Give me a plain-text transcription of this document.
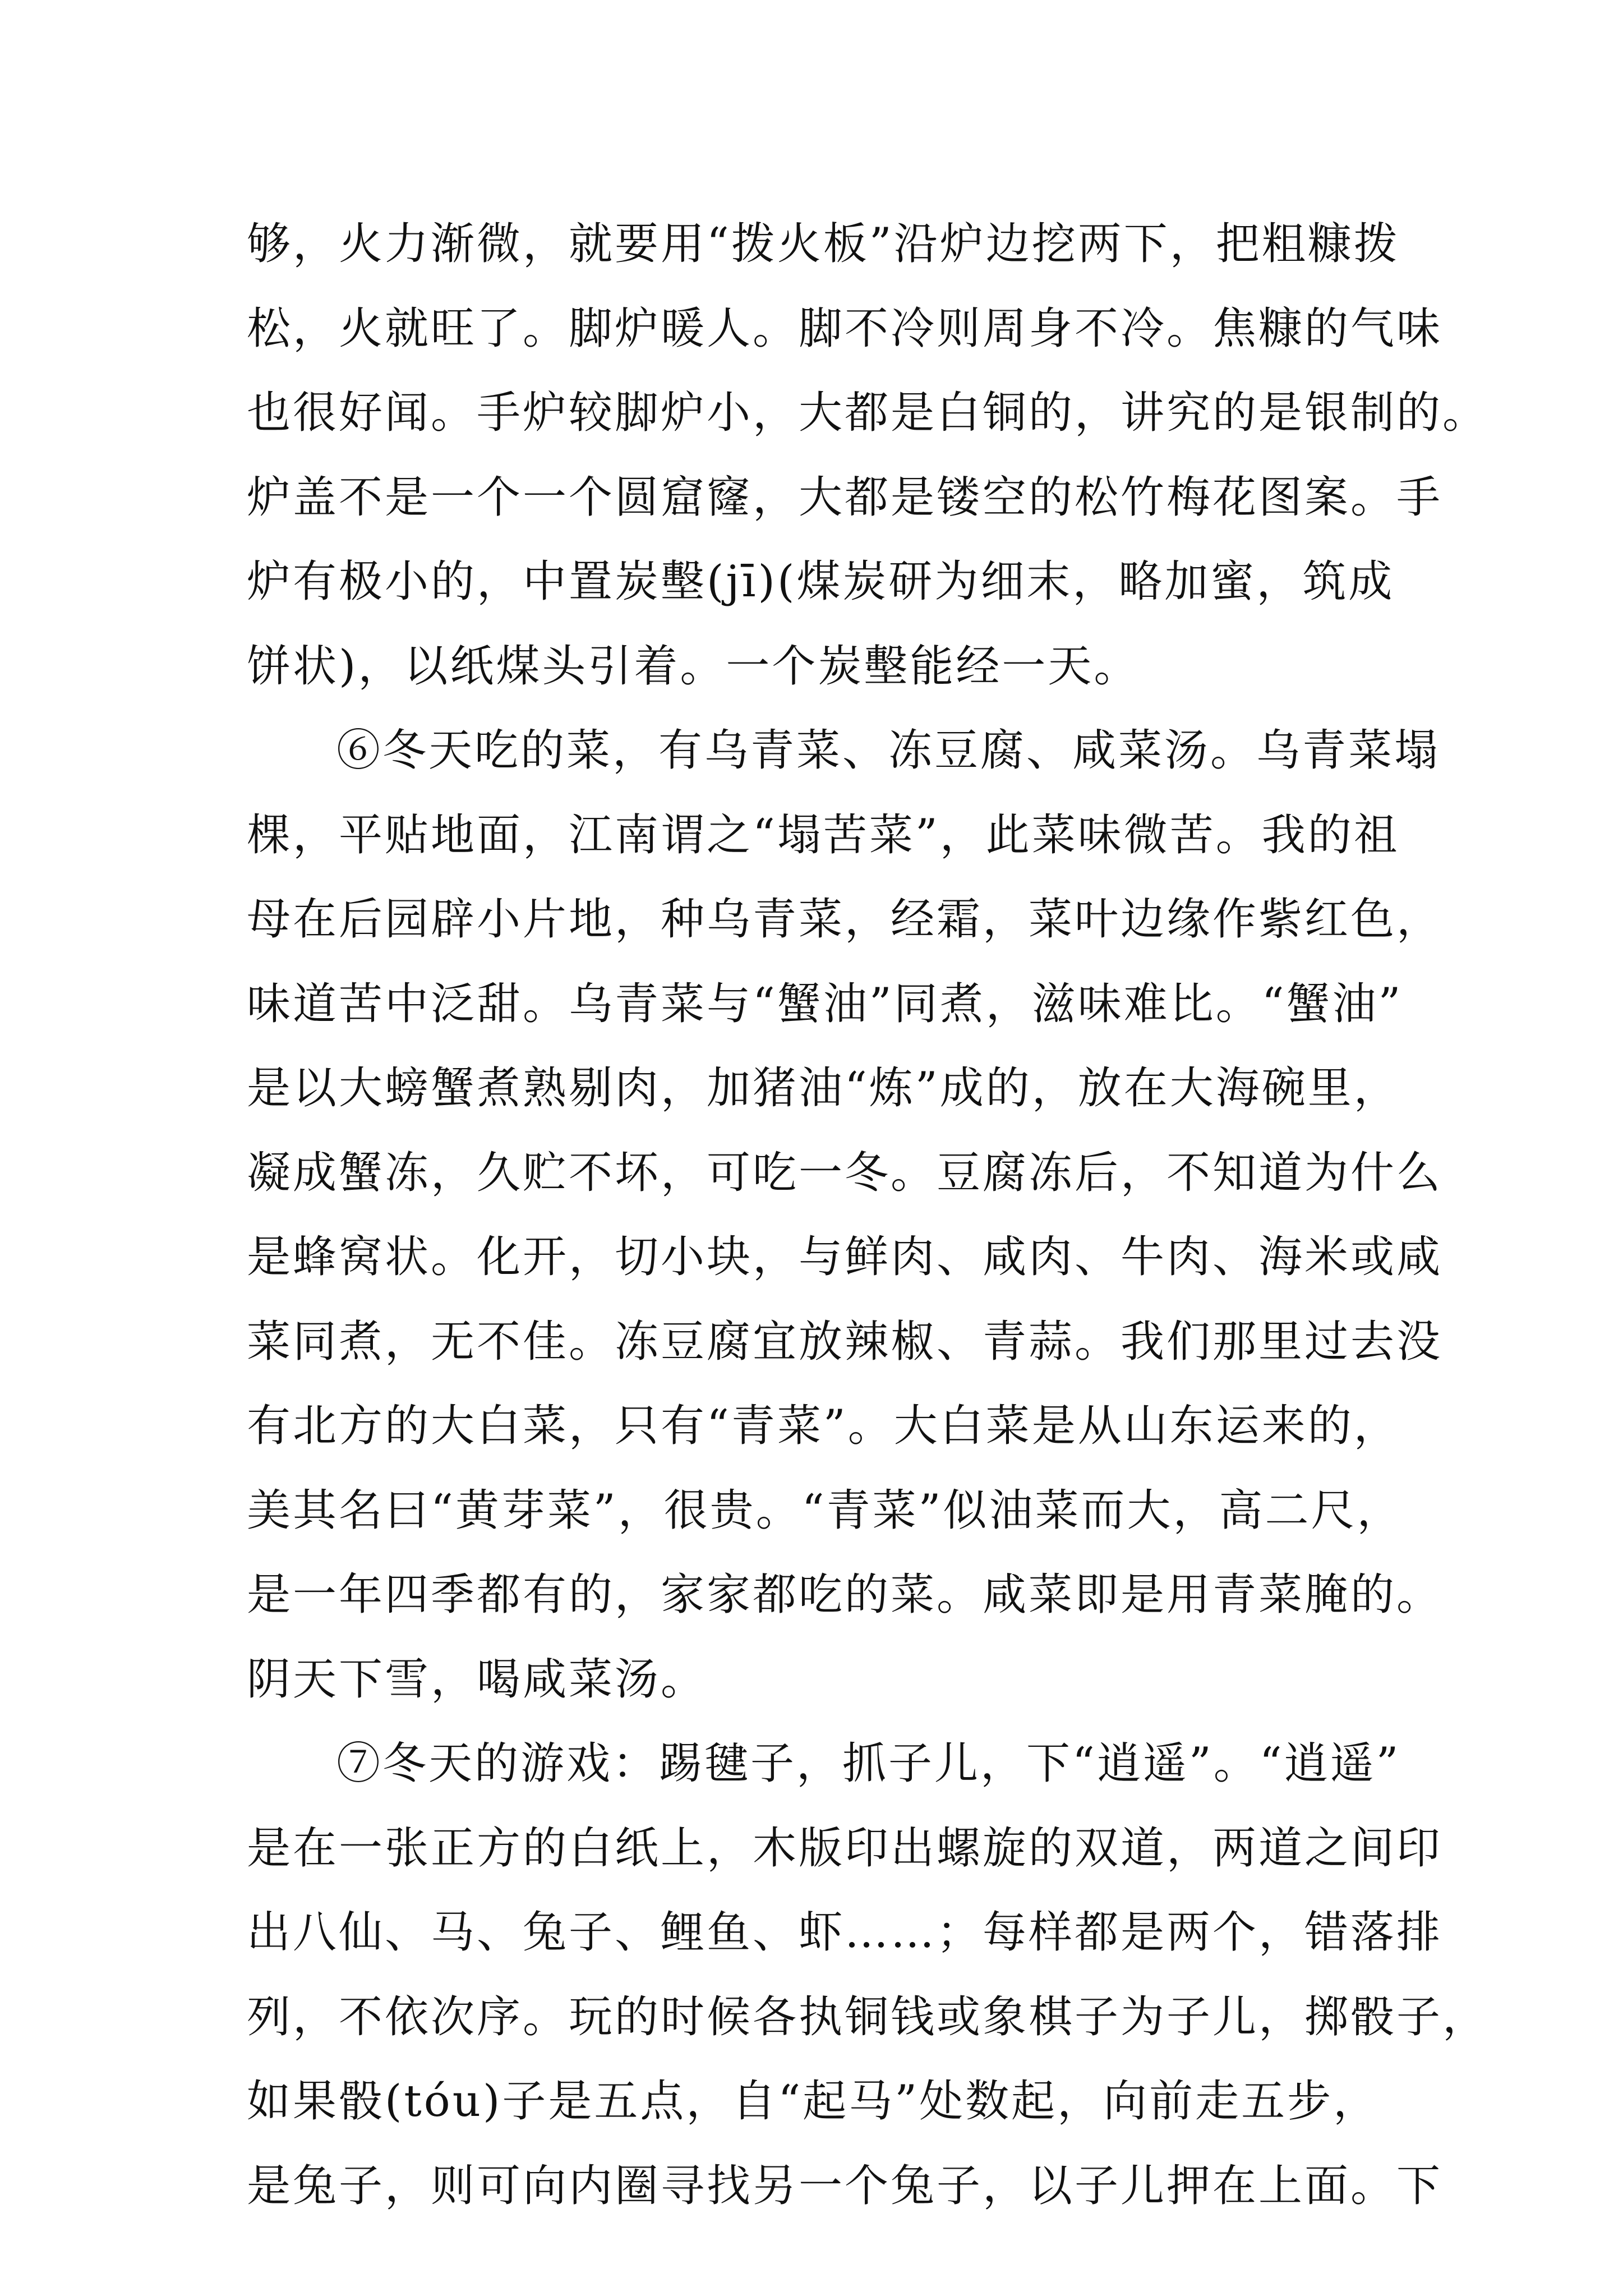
够，火力渐微，就要用“拨火板”沿炉边挖两下，把粗糠拨
松，火就旺了。脚炉暖人。脚不冷则周身不冷。焦糠的气味
也很好闻。手炉较脚炉小，大都是白铜的，讲究的是银制的。
炉盖不是一个一个圆窟窿，大都是镂空的松竹梅花图案。手
炉有极小的，中置炭墼(jī)(煤炭研为细末，略加蜜，筑成
饼状)，以纸煤头引着。一个炭墼能经一天。
⑥冬天吃的菜，有乌青菜、冻豆腐、咸菜汤。乌青菜塌
棵，平贴地面，江南谓之“塌苦菜”，此菜味微苦。我的祖
母在后园辟小片地，种乌青菜，经霜，菜叶边缘作紫红色，
味道苦中泛甜。乌青菜与“蟹油”同煮，滋味难比。“蟹油”
是以大螃蟹煮熟剔肉，加猪油“炼”成的，放在大海碗里，
凝成蟹冻，久贮不坏，可吃一冬。豆腐冻后，不知道为什么
是蜂窝状。化开，切小块，与鲜肉、咸肉、牛肉、海米或咸
菜同煮，无不佳。冻豆腐宜放辣椒、青蒜。我们那里过去没
有北方的大白菜，只有“青菜”。大白菜是从山东运来的，
美其名曰“黄芽菜”，很贵。“青菜”似油菜而大，高二尺，
是一年四季都有的，家家都吃的菜。咸菜即是用青菜腌的。
阴天下雪，喝咸菜汤。
⑦冬天的游戏：踢毽子，抓子儿，下“逍遥”。“逍遥”
是在一张正方的白纸上，木版印出螺旋的双道，两道之间印
出八仙、马、兔子、鲤鱼、虾……；每样都是两个，错落排
列，不依次序。玩的时候各执铜钱或象棋子为子儿，掷骰子，
如果骰(tóu)子是五点，自“起马”处数起，向前走五步，
是兔子，则可向内圈寻找另一个兔子，以子儿押在上面。下
